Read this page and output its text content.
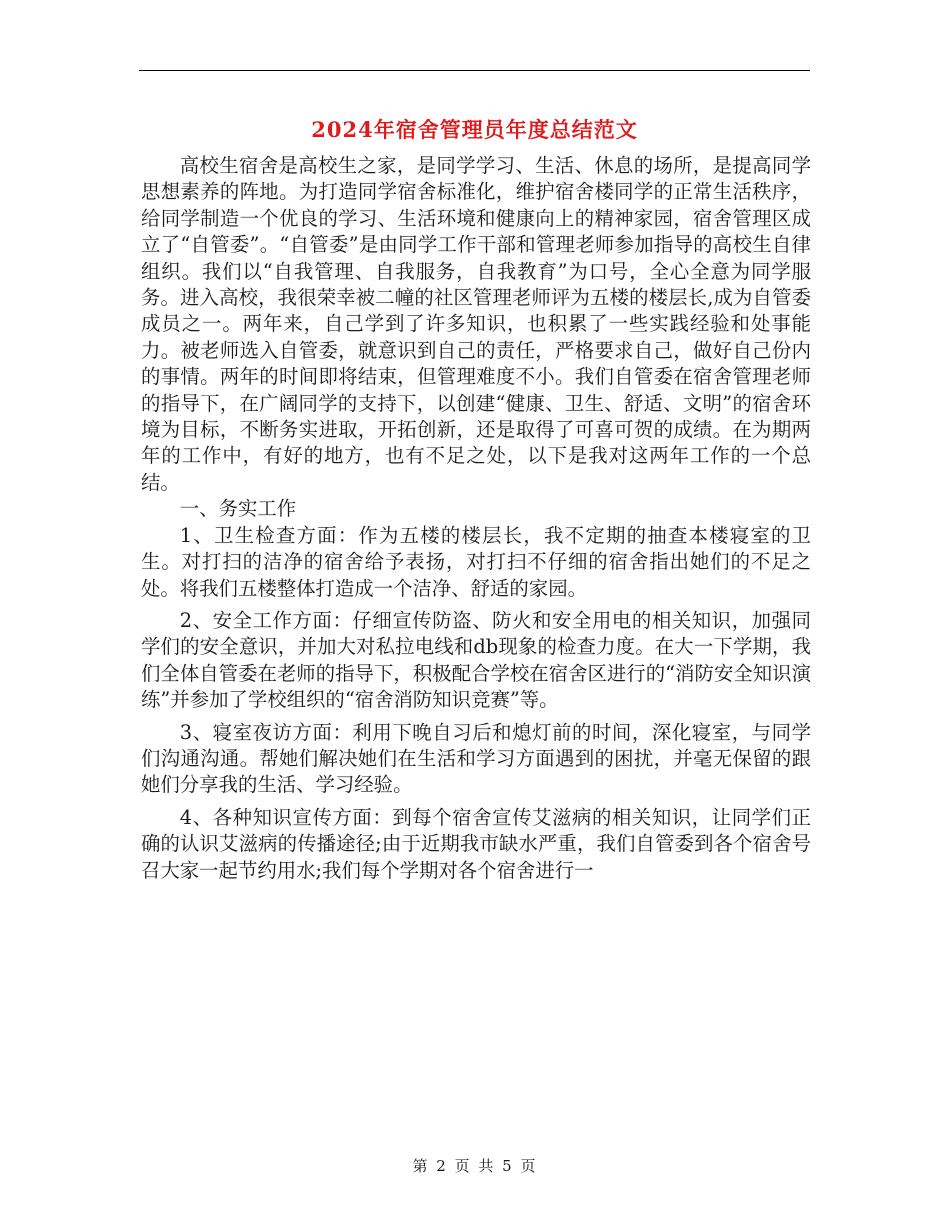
2024年宿舍管理员年度总结范文

高校生宿舍是高校生之家，是同学学习、生活、休息的场所，是提高同学思想素养的阵地。为打造同学宿舍标准化，维护宿舍楼同学的正常生活秩序，给同学制造一个优良的学习、生活环境和健康向上的精神家园，宿舍管理区成立了“自管委”。“自管委”是由同学工作干部和管理老师参加指导的高校生自律组织。我们以“自我管理、自我服务，自我教育”为口号，全心全意为同学服务。进入高校，我很荣幸被二幢的社区管理老师评为五楼的楼层长,成为自管委成员之一。两年来，自己学到了许多知识，也积累了一些实践经验和处事能力。被老师选入自管委，就意识到自己的责任，严格要求自己，做好自己份内的事情。两年的时间即将结束，但管理难度不小。我们自管委在宿舍管理老师的指导下，在广阔同学的支持下，以创建“健康、卫生、舒适、文明”的宿舍环境为目标，不断务实进取，开拓创新，还是取得了可喜可贺的成绩。在为期两年的工作中，有好的地方，也有不足之处，以下是我对这两年工作的一个总结。

一、务实工作

1、卫生检查方面：作为五楼的楼层长，我不定期的抽查本楼寝室的卫生。对打扫的洁净的宿舍给予表扬，对打扫不仔细的宿舍指出她们的不足之处。将我们五楼整体打造成一个洁净、舒适的家园。

2、安全工作方面：仔细宣传防盗、防火和安全用电的相关知识，加强同学们的安全意识，并加大对私拉电线和db现象的检查力度。在大一下学期，我们全体自管委在老师的指导下，积极配合学校在宿舍区进行的“消防安全知识演练”并参加了学校组织的“宿舍消防知识竞赛”等。

3、寝室夜访方面：利用下晚自习后和熄灯前的时间，深化寝室，与同学们沟通沟通。帮她们解决她们在生活和学习方面遇到的困扰，并毫无保留的跟她们分享我的生活、学习经验。

4、各种知识宣传方面：到每个宿舍宣传艾滋病的相关知识，让同学们正确的认识艾滋病的传播途径;由于近期我市缺水严重，我们自管委到各个宿舍号召大家一起节约用水;我们每个学期对各个宿舍进行一

第 2 页 共 5 页
